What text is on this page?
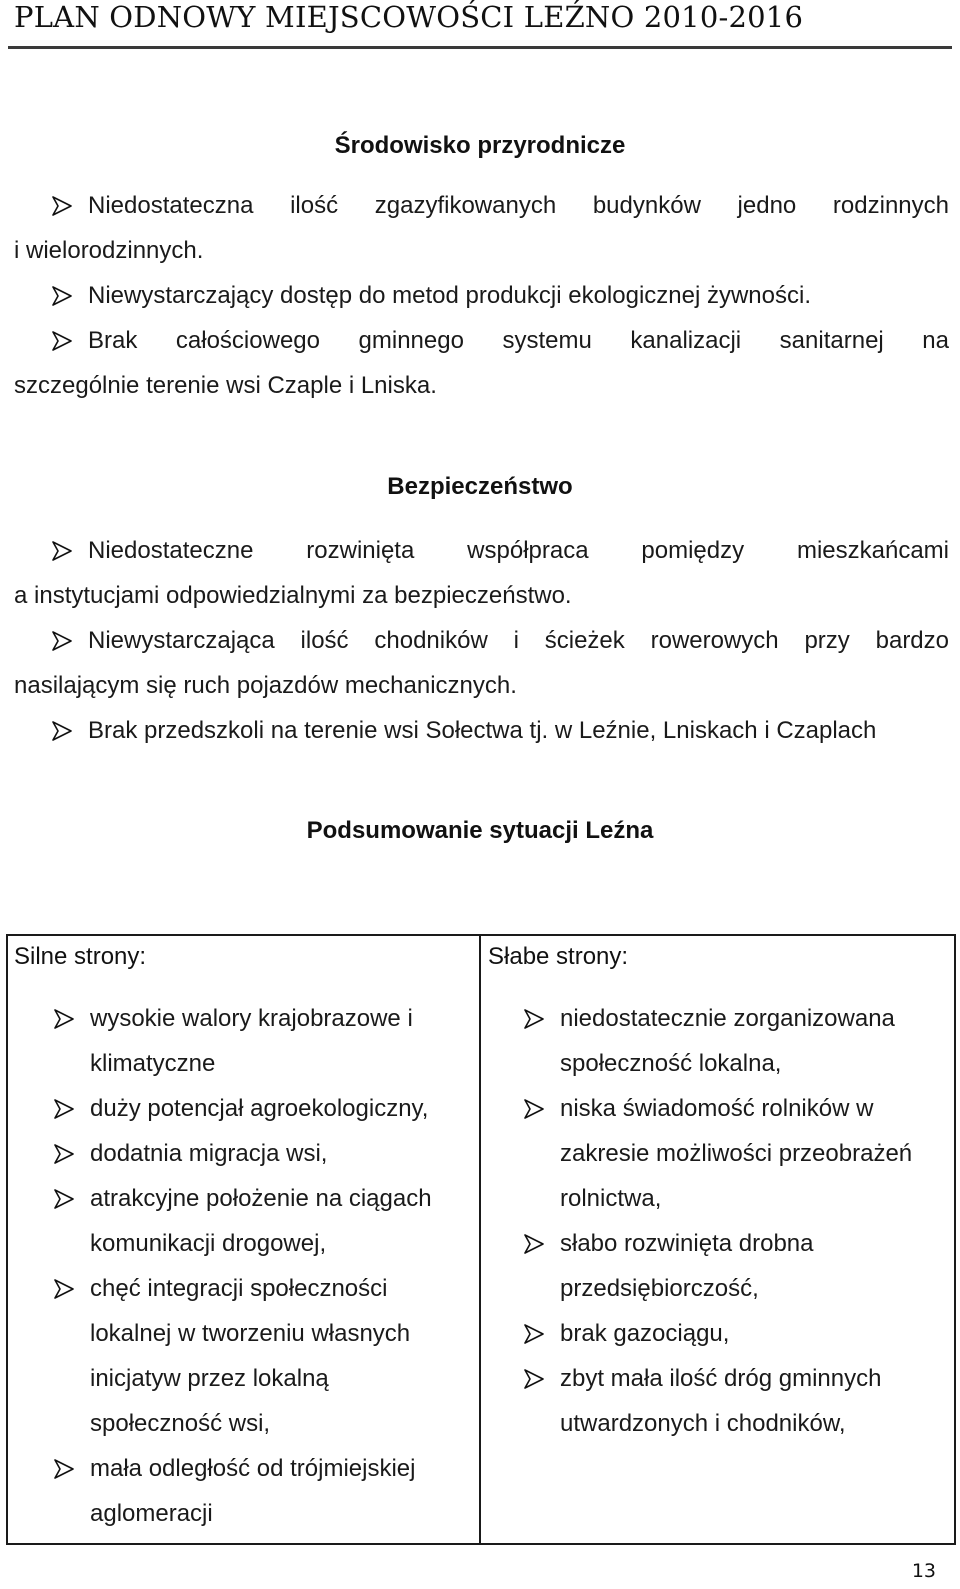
PLAN ODNOWY MIEJSCOWOŚCI LEŹNO 2010-2016
Środowisko przyrodnicze
Niedostateczna ilość zgazyfikowanych budynków jedno rodzinnych
i wielorodzinnych.
Niewystarczający dostęp do metod produkcji ekologicznej żywności.
Brak całościowego gminnego systemu kanalizacji sanitarnej na
szczególnie terenie wsi Czaple i Lniska.
Bezpieczeństwo
Niedostateczne rozwinięta współpraca pomiędzy mieszkańcami
a instytucjami odpowiedzialnymi za bezpieczeństwo.
Niewystarczająca ilość chodników i ścieżek rowerowych przy bardzo
nasilającym się ruch pojazdów mechanicznych.
Brak przedszkoli na terenie wsi Sołectwa tj. w Leźnie, Lniskach i Czaplach
Podsumowanie sytuacji Leźna
Silne strony:
wysokie walory krajobrazowe i
klimatyczne
duży potencjał agroekologiczny,
dodatnia migracja wsi,
atrakcyjne położenie na ciągach
komunikacji drogowej,
chęć integracji społeczności
lokalnej w tworzeniu własnych
inicjatyw przez lokalną
społeczność wsi,
mała odległość od trójmiejskiej
aglomeracji
Słabe strony:
niedostatecznie zorganizowana
społeczność lokalna,
niska świadomość rolników w
zakresie możliwości przeobrażeń
rolnictwa,
słabo rozwinięta drobna
przedsiębiorczość,
brak gazociągu,
zbyt mała ilość dróg gminnych
utwardzonych i chodników,
13
